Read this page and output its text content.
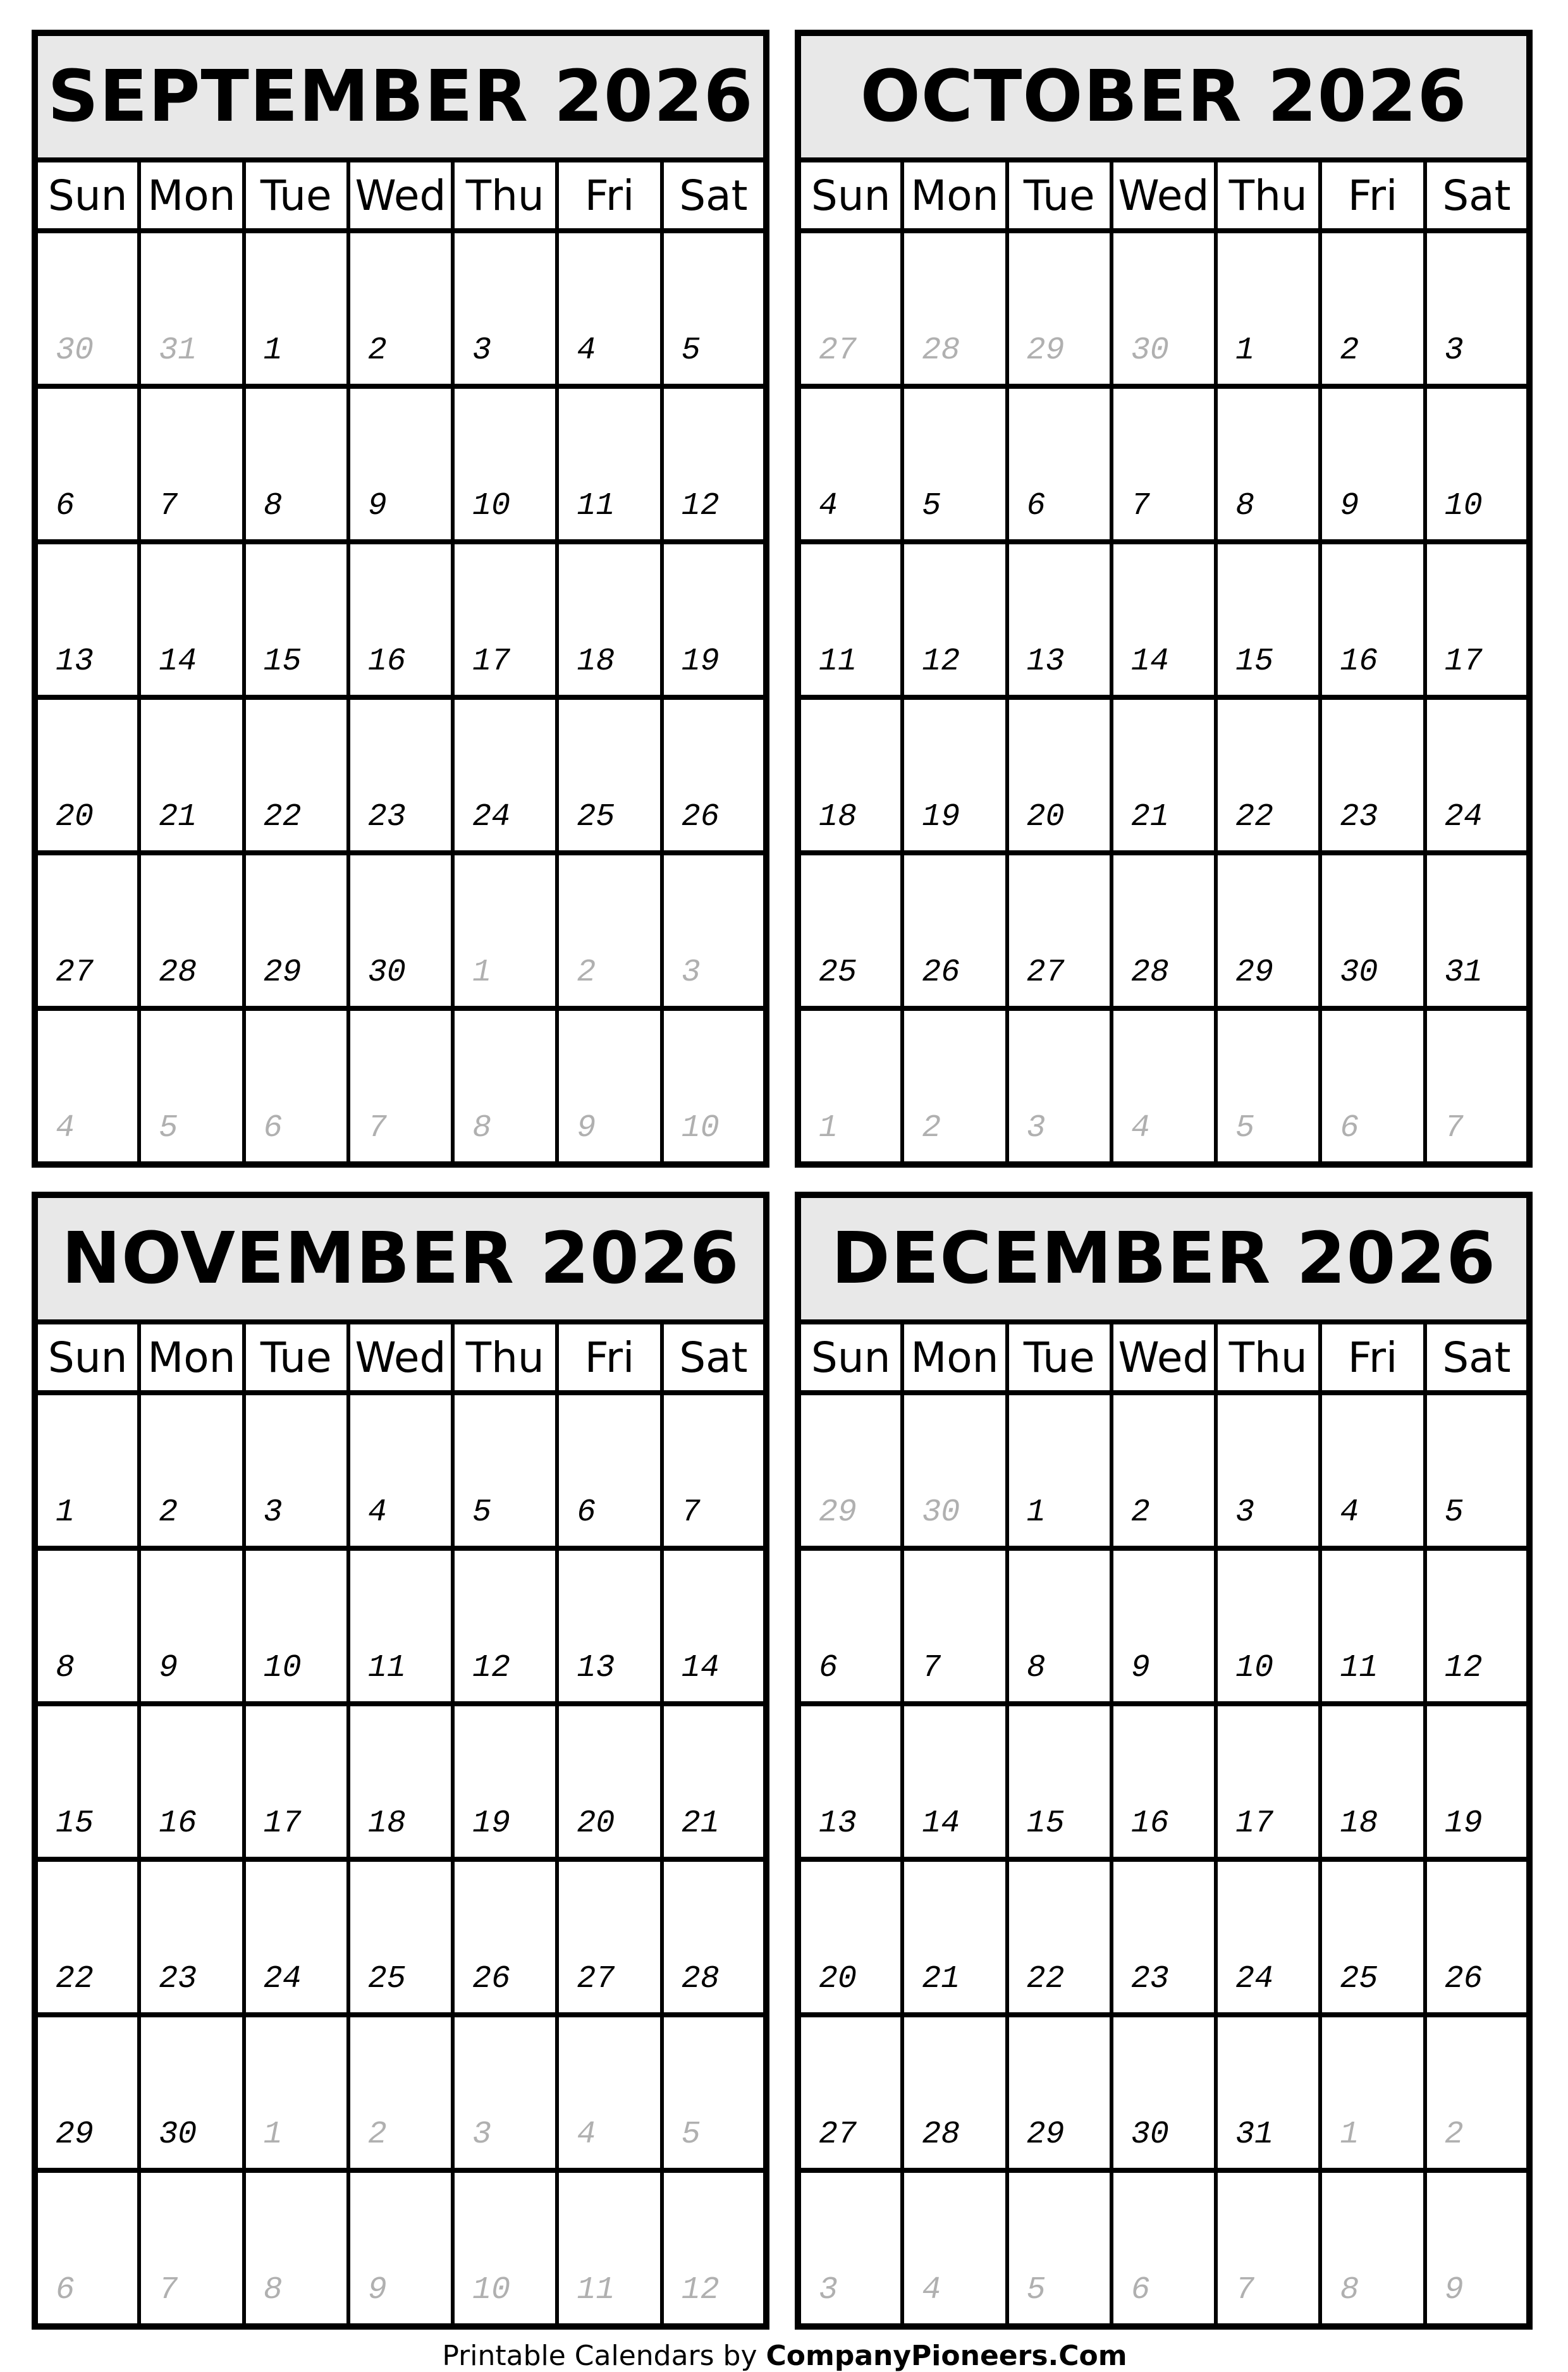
SEPTEMBER 2026						
Sun	Mon	Tue	Wed	Thu	Fri	Sat
30	31	1	2	3	4	5
6	7	8	9	10	11	12
13	14	15	16	17	18	19
20	21	22	23	24	25	26
27	28	29	30	1	2	3
4	5	6	7	8	9	10
OCTOBER 2026						
Sun	Mon	Tue	Wed	Thu	Fri	Sat
27	28	29	30	1	2	3
4	5	6	7	8	9	10
11	12	13	14	15	16	17
18	19	20	21	22	23	24
25	26	27	28	29	30	31
1	2	3	4	5	6	7
NOVEMBER 2026						
Sun	Mon	Tue	Wed	Thu	Fri	Sat
1	2	3	4	5	6	7
8	9	10	11	12	13	14
15	16	17	18	19	20	21
22	23	24	25	26	27	28
29	30	1	2	3	4	5
6	7	8	9	10	11	12
DECEMBER 2026						
Sun	Mon	Tue	Wed	Thu	Fri	Sat
29	30	1	2	3	4	5
6	7	8	9	10	11	12
13	14	15	16	17	18	19
20	21	22	23	24	25	26
27	28	29	30	31	1	2
3	4	5	6	7	8	9
Printable Calendars by CompanyPioneers.Com
